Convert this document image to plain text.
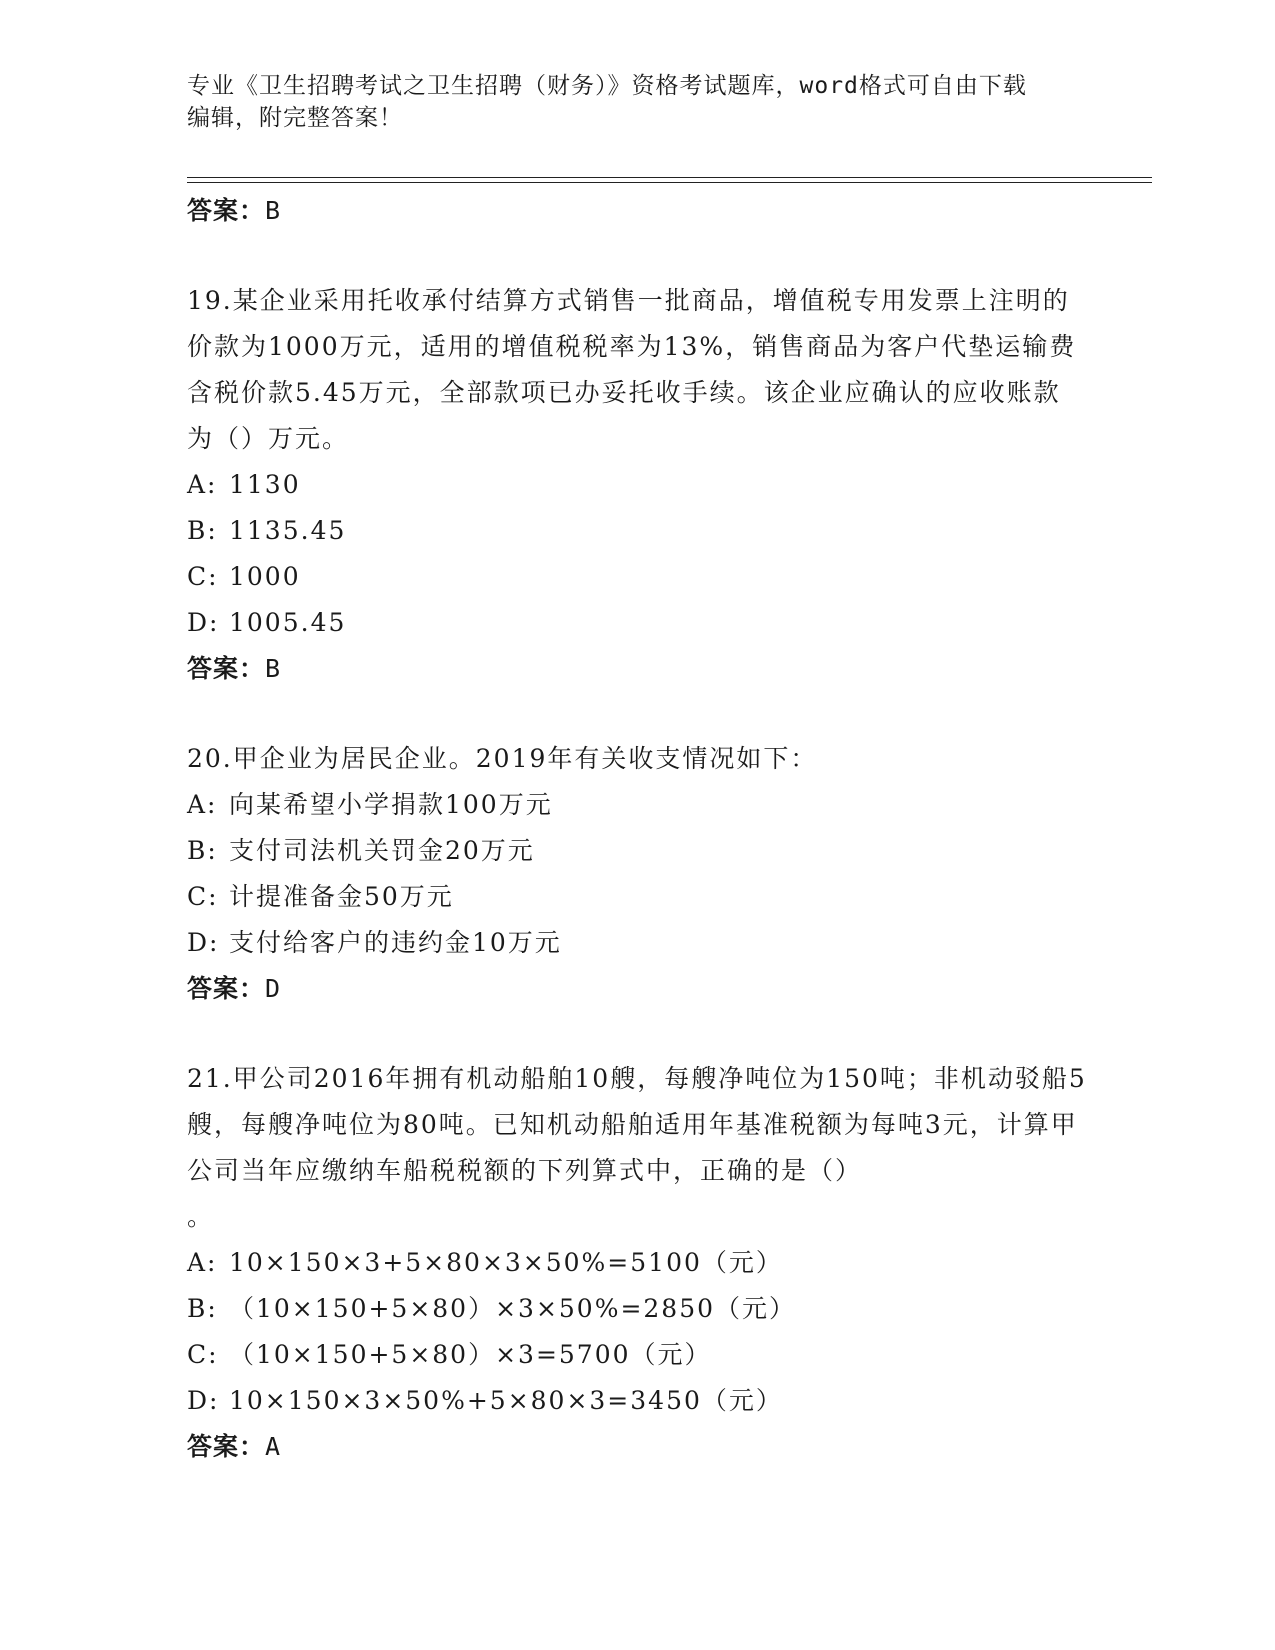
专业《卫生招聘考试之卫生招聘（财务）》资格考试题库，word格式可自由下载
编辑，附完整答案！
答案：B
19.某企业采用托收承付结算方式销售一批商品，增值税专用发票上注明的价款为1000万元，适用的增值税税率为13%，销售商品为客户代垫运输费含税价款5.45万元，全部款项已办妥托收手续。该企业应确认的应收账款为（）万元。
A: 1130
B: 1135.45
C: 1000
D: 1005.45
答案：B
20.甲企业为居民企业。2019年有关收支情况如下：
A: 向某希望小学捐款100万元
B: 支付司法机关罚金20万元
C: 计提准备金50万元
D: 支付给客户的违约金10万元
答案：D
21.甲公司2016年拥有机动船舶10艘，每艘净吨位为150吨；非机动驳船5艘，每艘净吨位为80吨。已知机动船舶适用年基准税额为每吨3元，计算甲公司当年应缴纳车船税税额的下列算式中，正确的是（）
。
A: 10×150×3+5×80×3×50%=5100（元）
B: （10×150+5×80）×3×50%=2850（元）
C: （10×150+5×80）×3=5700（元）
D: 10×150×3×50%+5×80×3=3450（元）
答案：A
